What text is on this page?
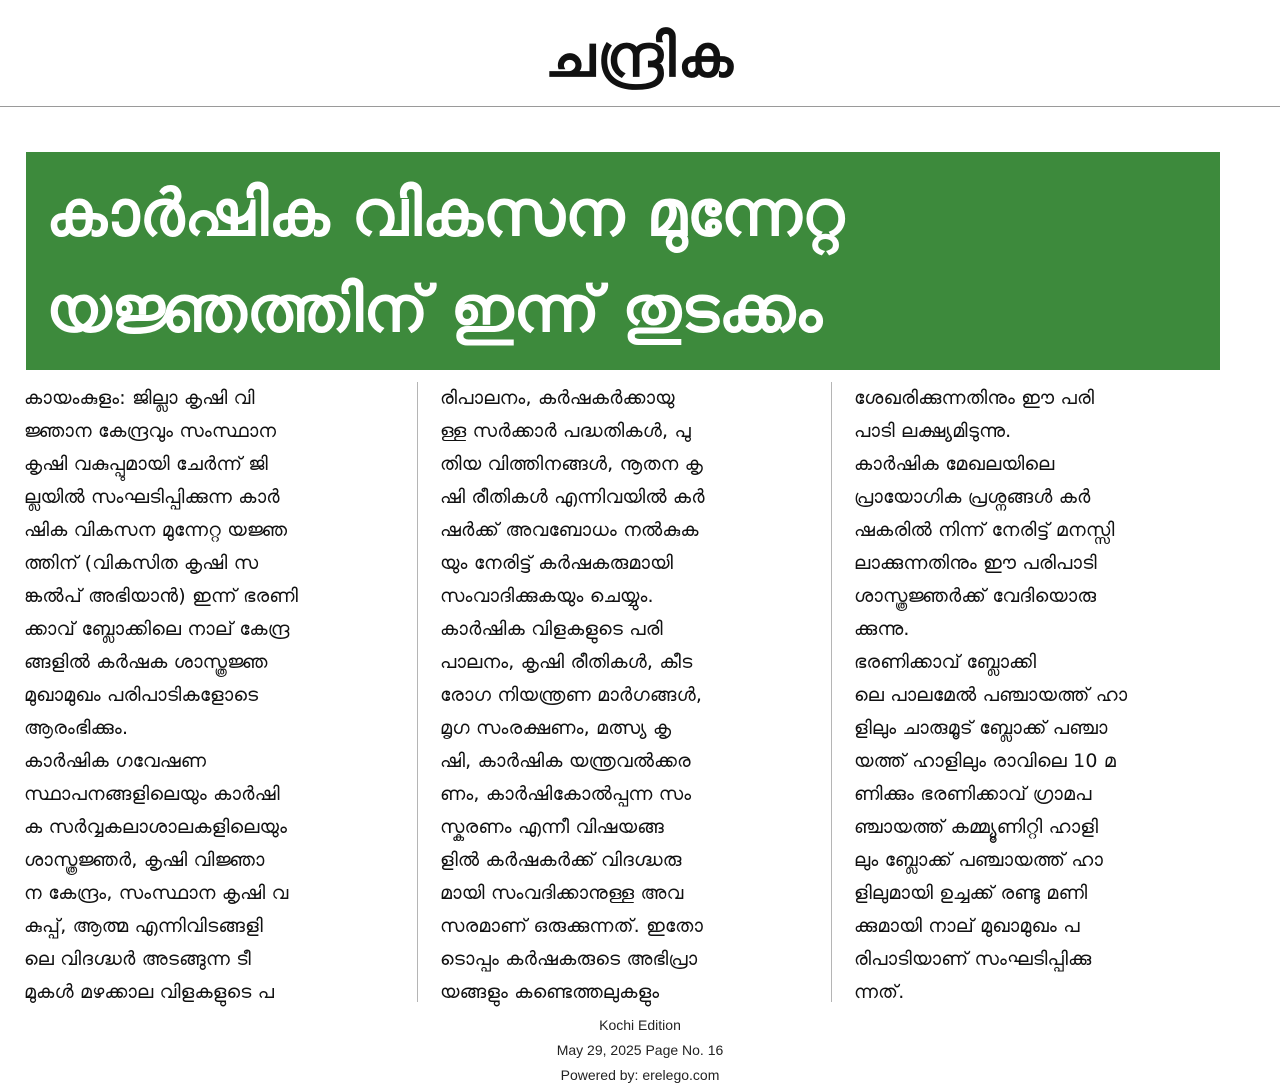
ചന്ദ്രിക
കാർഷിക വികസന മുന്നേറ്റ
യജ്ഞത്തിന് ഇന്ന് തുടക്കം
കായംകുളം: ജില്ലാ കൃഷി വി
ജ്ഞാന കേന്ദ്രവും സംസ്ഥാന
കൃഷി വകുപ്പുമായി ചേർന്ന് ജി
ല്ലയിൽ സംഘടിപ്പിക്കുന്ന കാർ
ഷിക വികസന മുന്നേറ്റ യജ്ഞ
ത്തിന് (വികസിത കൃഷി സ
ങ്കൽപ് അഭിയാൻ) ഇന്ന് ഭരണി
ക്കാവ് ബ്ലോക്കിലെ നാല് കേന്ദ്ര
ങ്ങളിൽ കർഷക ശാസ്ത്രജ്ഞ
മുഖാമുഖം പരിപാടികളോടെ
ആരംഭിക്കും.
കാർഷിക ഗവേഷണ
സ്ഥാപനങ്ങളിലെയും കാർഷി
ക സർവ്വകലാശാലകളിലെയും
ശാസ്ത്രജ്ഞർ, കൃഷി വിജ്ഞാ
ന കേന്ദ്രം, സംസ്ഥാന കൃഷി വ
കുപ്പ്, ആത്മ എന്നിവിടങ്ങളി
ലെ വിദഗ്ദ്ധർ അടങ്ങുന്ന ടീ
മുകൾ മഴക്കാല വിളകളുടെ പ
രിപാലനം, കർഷകർക്കായു
ള്ള സർക്കാർ പദ്ധതികൾ, പു
തിയ വിത്തിനങ്ങൾ, നൂതന കൃ
ഷി രീതികൾ എന്നിവയിൽ കർ
ഷർക്ക് അവബോധം നൽകുക
യും നേരിട്ട് കർഷകരുമായി
സംവാദിക്കുകയും ചെയ്യും.
കാർഷിക വിളകളുടെ പരി
പാലനം, കൃഷി രീതികൾ, കീട
രോഗ നിയന്ത്രണ മാർഗങ്ങൾ,
മൃഗ സംരക്ഷണം, മത്സ്യ കൃ
ഷി, കാർഷിക യന്ത്രവൽക്കര
ണം, കാർഷികോൽപ്പന്ന സം
സ്കരണം എന്നീ വിഷയങ്ങ
ളിൽ കർഷകർക്ക് വിദഗ്ദ്ധരു
മായി സംവദിക്കാനുള്ള അവ
സരമാണ് ഒരുക്കുന്നത്. ഇതോ
ടൊപ്പം കർഷകരുടെ അഭിപ്രാ
യങ്ങളും കണ്ടെത്തലുകളും
ശേഖരിക്കുന്നതിനും ഈ പരി
പാടി ലക്ഷ്യമിടുന്നു.
കാർഷിക മേഖലയിലെ
പ്രായോഗിക പ്രശ്നങ്ങൾ കർ
ഷകരിൽ നിന്ന് നേരിട്ട് മനസ്സി
ലാക്കുന്നതിനും ഈ പരിപാടി
ശാസ്ത്രജ്ഞർക്ക് വേദിയൊരു
ക്കുന്നു.
ഭരണിക്കാവ് ബ്ലോക്കി
ലെ പാലമേൽ പഞ്ചായത്ത് ഹാ
ളിലും ചാരുമൂട് ബ്ലോക്ക് പഞ്ചാ
യത്ത് ഹാളിലും രാവിലെ 10 മ
ണിക്കും ഭരണിക്കാവ് ഗ്രാമപ
ഞ്ചായത്ത് കമ്മ്യൂണിറ്റി ഹാളി
ലും ബ്ലോക്ക് പഞ്ചായത്ത് ഹാ
ളിലുമായി ഉച്ചക്ക് രണ്ടു മണി
ക്കുമായി നാല് മുഖാമുഖം പ
രിപാടിയാണ് സംഘടിപ്പിക്കു
ന്നത്.
Kochi Edition
May 29, 2025 Page No. 16
Powered by: erelego.com
